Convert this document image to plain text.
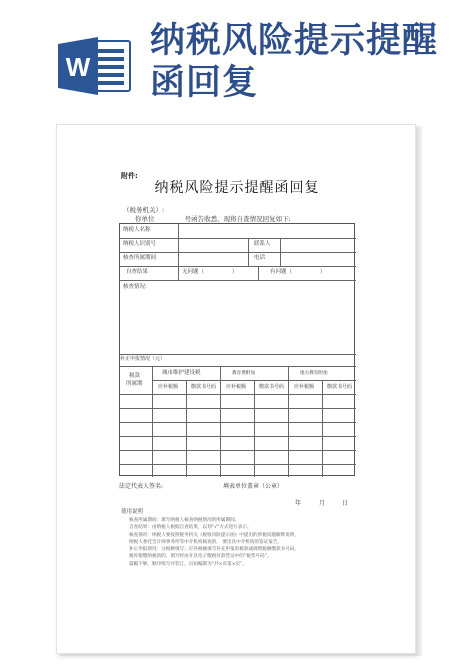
W
纳税风险提示提醒函回复
附件:
纳税风险提示提醒函回复
（税务机关）:
你单位	号函告收悉，现将自查情况回复如下:
纳税人名称
纳税人识别号	联系人
核查所属期间	电话
自查结果	无问题（	）	有问题（	）
核查情况:
补正申报情况（元）
税款
所属期
城市维护建设税	教育费附加	地方教育附加
应补税额	缴款书号码 应补税额	缴款书号码 应补税额	缴款书号码
法定代表人签名:	填表单位盖章（公章）
年	月	日
使用说明
核查所属期间：填写纳税人核查纳税情况的所属期间。
自查结果：由纳税人根据自查结果，以划“√”方式进行表示。
核查情况：纳税人要按照税务机关《税收风险提示函》中提出的涉税问题解释说明，
纳税人委托会计师事务所等中介机构核查的， 要出具中介机构的鉴证报告。
补正申报情况：分税种填写；应补税额填写补充申报的税款或调增税额缴款书号码，
税库银缴纳税款的，填写经由开具电子缴税付款凭证中的“税票号码”。
篇幅不够，顺序续写并装订，页码编制为“共×页第×页”。
